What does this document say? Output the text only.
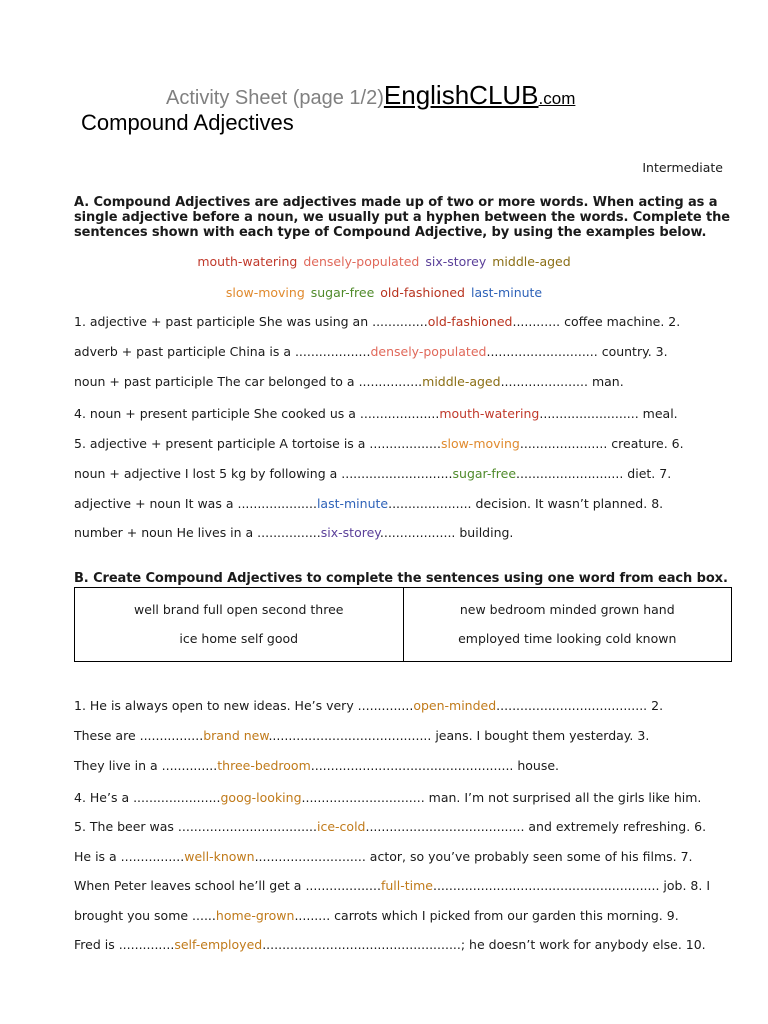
Activity Sheet (page 1/2)EnglishCLUB.com
Compound Adjectives
Intermediate
A. Compound Adjectives are adjectives made up of two or more words. When acting as a single adjective before a noun, we usually put a hyphen between the words. Complete the sentences shown with each type of Compound Adjective, by using the examples below.
mouth-watering densely-populated six-storey middle-aged
slow-moving sugar-free old-fashioned last-minute
1. adjective + past participle She was using an ..............old-fashioned............ coffee machine. 2.
adverb + past participle China is a ...................densely-populated............................ country. 3.
noun + past participle The car belonged to a ................middle-aged...................... man.
4. noun + present participle She cooked us a ....................mouth-watering......................... meal.
5. adjective + present participle A tortoise is a ..................slow-moving...................... creature. 6.
noun + adjective I lost 5 kg by following a ............................sugar-free........................... diet. 7.
adjective + noun It was a ....................last-minute..................... decision. It wasn’t planned. 8.
number + noun He lives in a ................six-storey................... building.
B. Create Compound Adjectives to complete the sentences using one word from each box.
well brand full open second three
ice home self good
new bedroom minded grown hand
employed time looking cold known
1. He is always open to new ideas. He’s very ..............open-minded...................................... 2.
These are ................brand new......................................... jeans. I bought them yesterday. 3.
They live in a ..............three-bedroom................................................... house.
4. He’s a ......................goog-looking............................... man. I’m not surprised all the girls like him.
5. The beer was ...................................ice-cold........................................ and extremely refreshing. 6.
He is a ................well-known............................ actor, so you’ve probably seen some of his films. 7.
When Peter leaves school he’ll get a ...................full-time......................................................... job. 8. I
brought you some ......home-grown......... carrots which I picked from our garden this morning. 9.
Fred is ..............self-employed..................................................; he doesn’t work for anybody else. 10.
